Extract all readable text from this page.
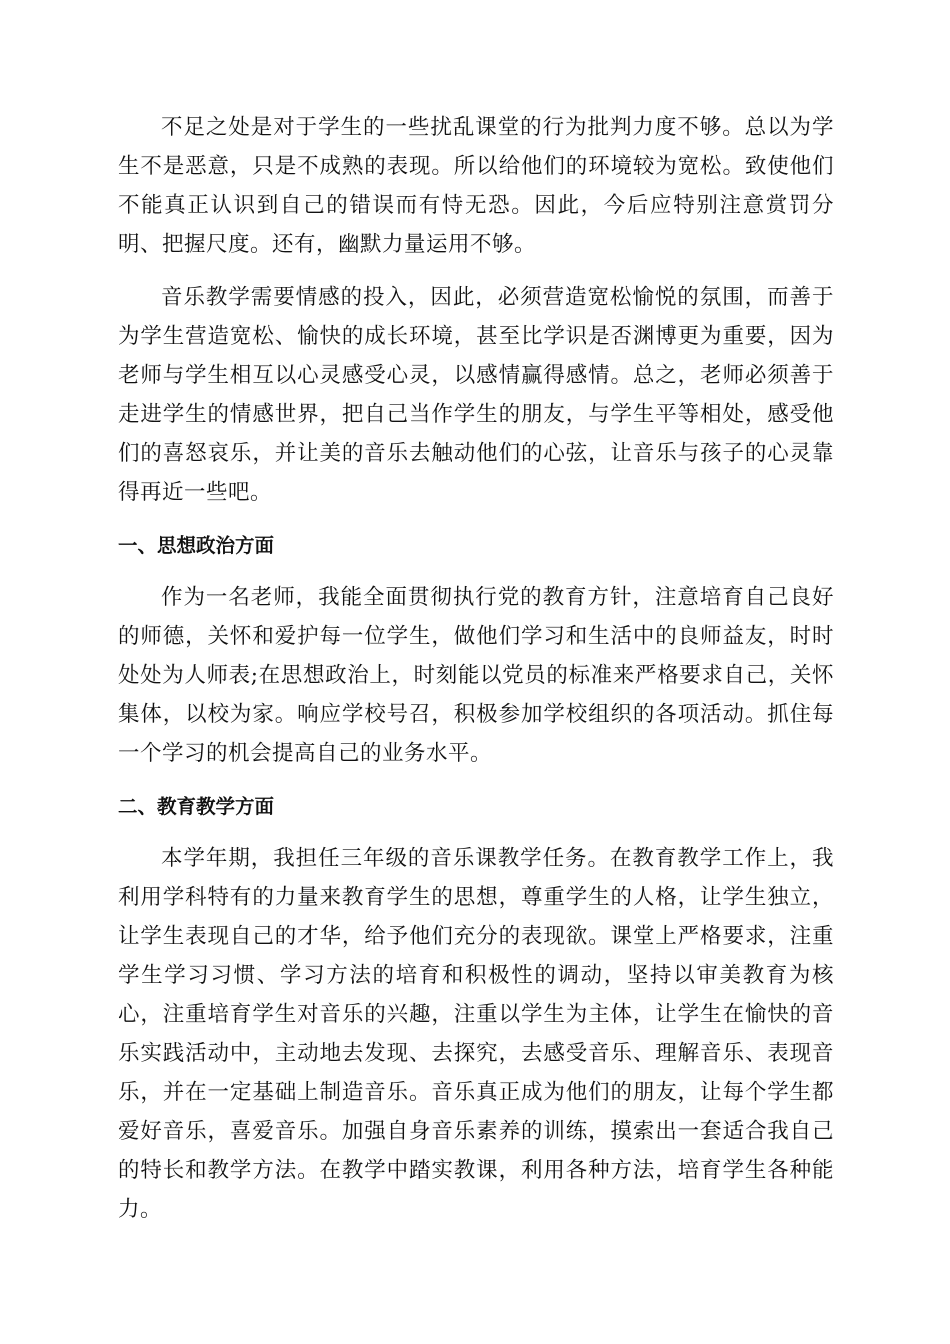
不足之处是对于学生的一些扰乱课堂的行为批判力度不够。总以为学生不是恶意，只是不成熟的表现。所以给他们的环境较为宽松。致使他们不能真正认识到自己的错误而有恃无恐。因此，今后应特别注意赏罚分明、把握尺度。还有，幽默力量运用不够。

音乐教学需要情感的投入，因此，必须营造宽松愉悦的氛围，而善于为学生营造宽松、愉快的成长环境，甚至比学识是否渊博更为重要，因为老师与学生相互以心灵感受心灵，以感情赢得感情。总之，老师必须善于走进学生的情感世界，把自己当作学生的朋友，与学生平等相处，感受他们的喜怒哀乐，并让美的音乐去触动他们的心弦，让音乐与孩子的心灵靠得再近一些吧。

一、思想政治方面

作为一名老师，我能全面贯彻执行党的教育方针，注意培育自己良好的师德，关怀和爱护每一位学生，做他们学习和生活中的良师益友，时时处处为人师表;在思想政治上，时刻能以党员的标准来严格要求自己，关怀集体，以校为家。响应学校号召，积极参加学校组织的各项活动。抓住每一个学习的机会提高自己的业务水平。

二、教育教学方面

本学年期，我担任三年级的音乐课教学任务。在教育教学工作上，我利用学科特有的力量来教育学生的思想，尊重学生的人格，让学生独立，让学生表现自己的才华，给予他们充分的表现欲。课堂上严格要求，注重学生学习习惯、学习方法的培育和积极性的调动，坚持以审美教育为核心，注重培育学生对音乐的兴趣，注重以学生为主体，让学生在愉快的音乐实践活动中，主动地去发现、去探究，去感受音乐、理解音乐、表现音乐，并在一定基础上制造音乐。音乐真正成为他们的朋友，让每个学生都爱好音乐，喜爱音乐。加强自身音乐素养的训练，摸索出一套适合我自己的特长和教学方法。在教学中踏实教课，利用各种方法，培育学生各种能力。
